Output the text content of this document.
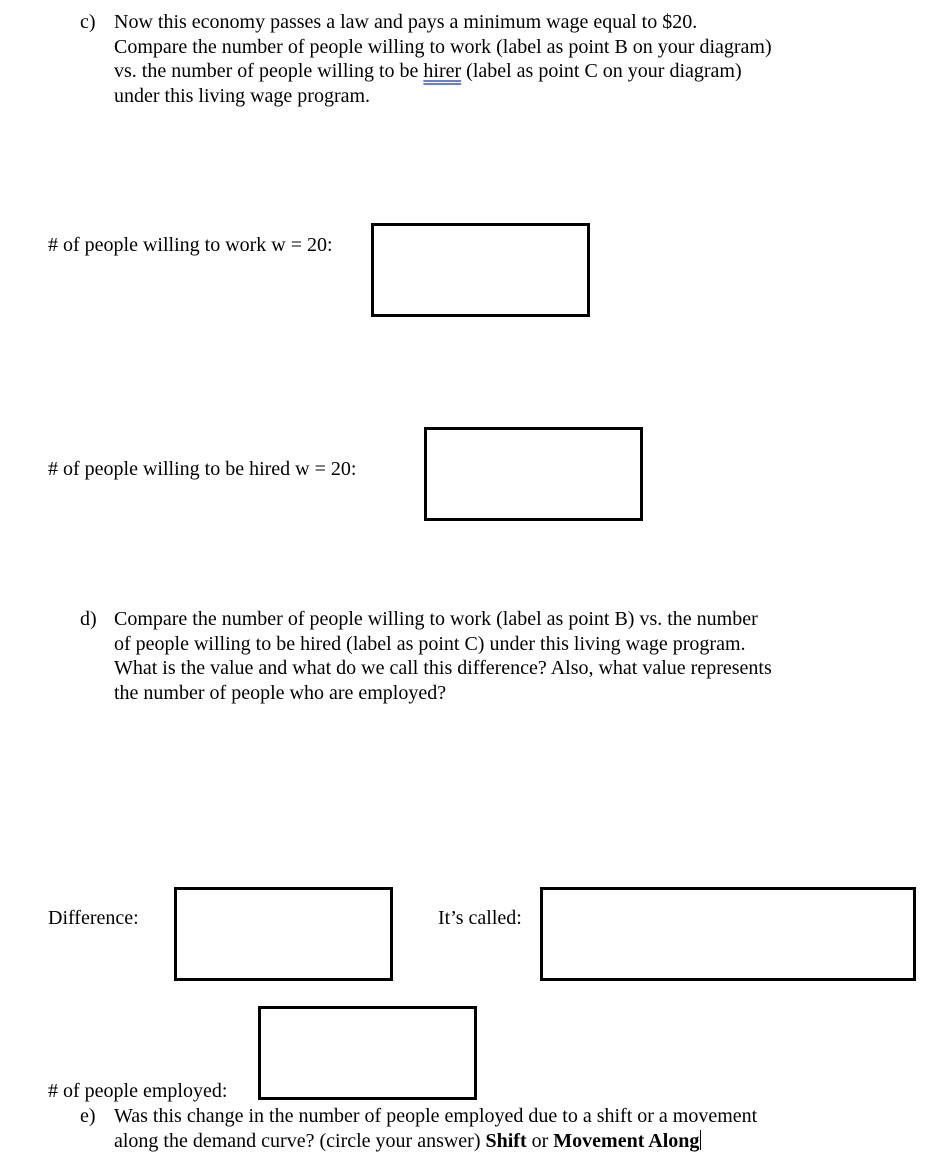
c) Now this economy passes a law and pays a minimum wage equal to $20.
Compare the number of people willing to work (label as point B on your diagram)
vs. the number of people willing to be hirer (label as point C on your diagram)
under this living wage program.
# of people willing to work w = 20:
# of people willing to be hired w = 20:
d) Compare the number of people willing to work (label as point B) vs. the number
of people willing to be hired (label as point C) under this living wage program.
What is the value and what do we call this difference? Also, what value represents
the number of people who are employed?
Difference:	It’s called:
# of people employed:
e) Was this change in the number of people employed due to a shift or a movement
along the demand curve? (circle your answer) Shift or Movement Along
